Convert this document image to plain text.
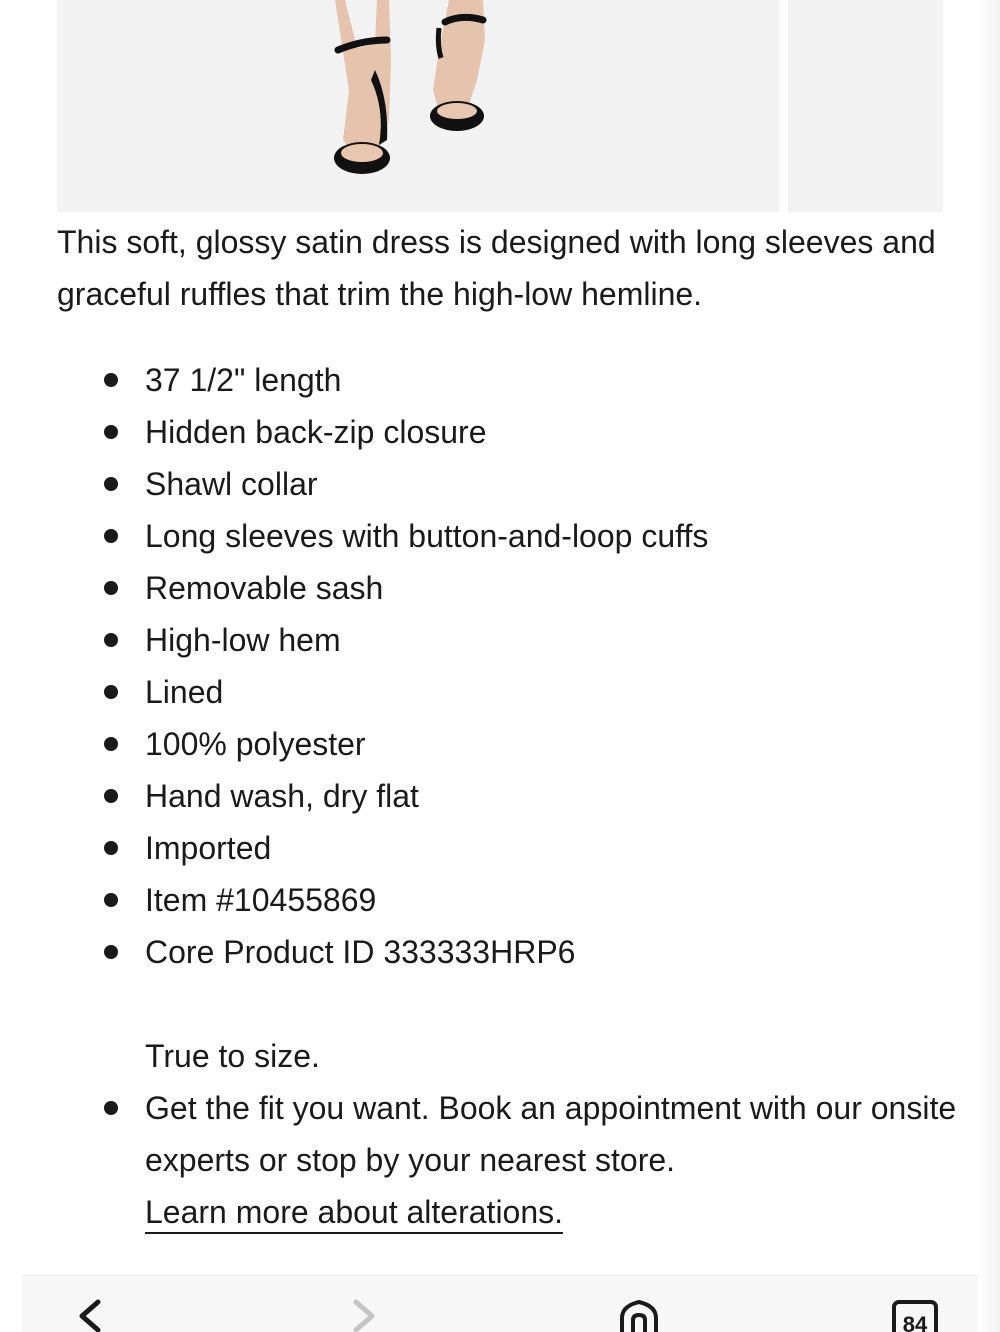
This soft, glossy satin dress is designed with long sleeves and graceful ruffles that trim the high-low hemline.

37 1/2" length
Hidden back-zip closure
Shawl collar
Long sleeves with button-and-loop cuffs
Removable sash
High-low hem
Lined
100% polyester
Hand wash, dry flat
Imported
Item #10455869
Core Product ID 333333HRP6

True to size.

Get the fit you want. Book an appointment with our onsite experts or stop by your nearest store.
Learn more about alterations.
84
